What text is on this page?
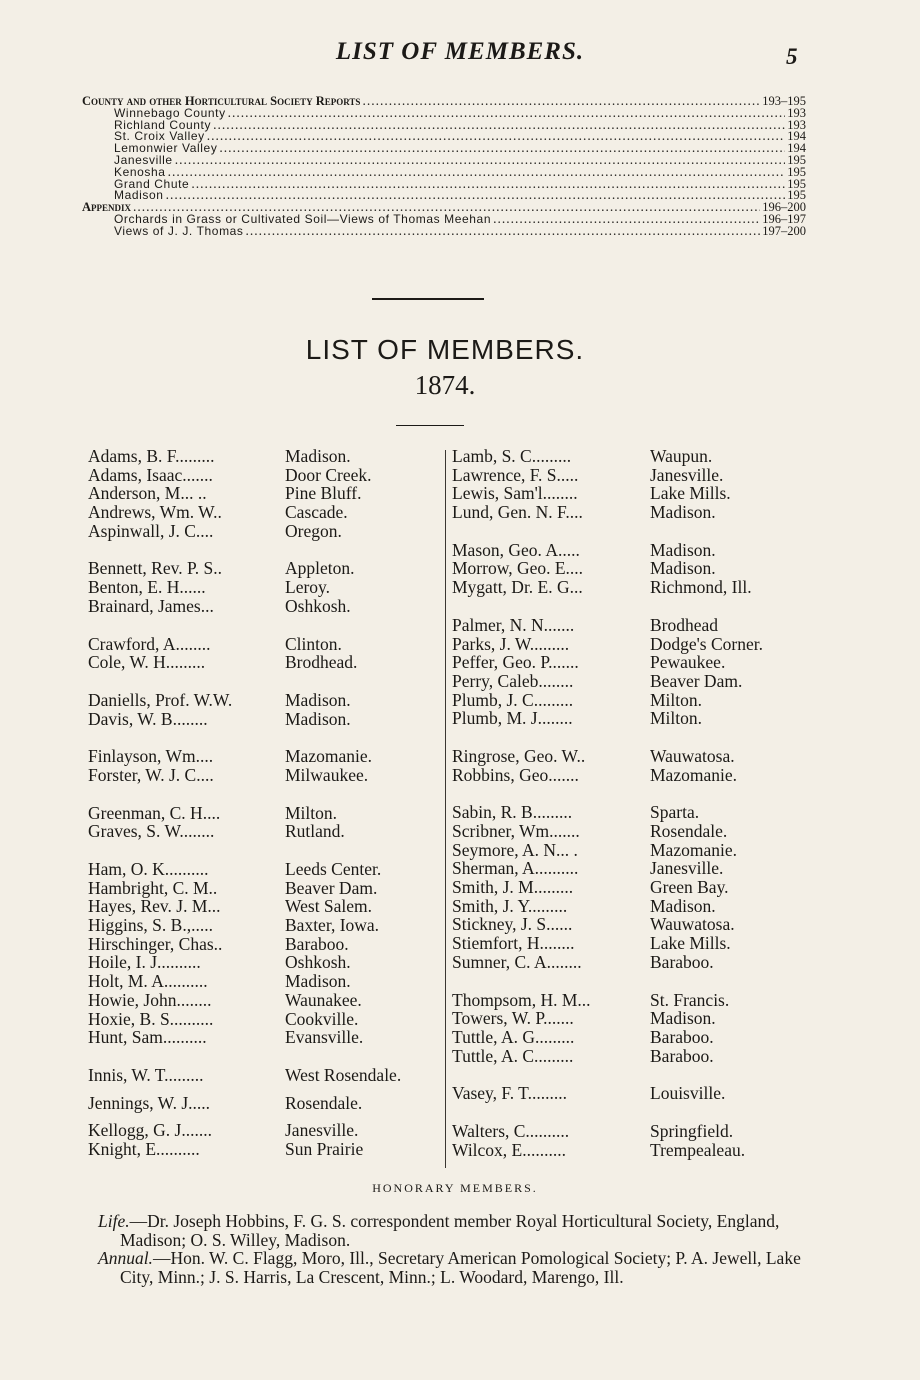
LIST OF MEMBERS.	5
County and other Horticultural Society Reports .....	193–195
Winnebago County .....	193
Richland County .....	193
St. Croix Valley .....	194
Lemonwier Valley .....	194
Janesville .....	195
Kenosha .....	195
Grand Chute .....	195
Madison .....	195
Appendix .....	196–200
Orchards in Grass or Cultivated Soil—Views of Thomas Meehan .....	196–197
Views of J. J. Thomas .....	197–200
LIST OF MEMBERS.
1874.
Adams, B. F.........	Madison.
Adams, Isaac.......	Door Creek.
Anderson, M... ..	Pine Bluff.
Andrews, Wm. W..	Cascade.
Aspinwall, J. C....	Oregon.
Bennett, Rev. P. S..	Appleton.
Benton, E. H......	Leroy.
Brainard, James...	Oshkosh.
Crawford, A........	Clinton.
Cole, W. H.........	Brodhead.
Daniells, Prof. W.W.	Madison.
Davis, W. B........	Madison.
Finlayson, Wm....	Mazomanie.
Forster, W. J. C....	Milwaukee.
Greenman, C. H....	Milton.
Graves, S. W........	Rutland.
Ham, O. K..........	Leeds Center.
Hambright, C. M..	Beaver Dam.
Hayes, Rev. J. M...	West Salem.
Higgins, S. B.,.....	Baxter, Iowa.
Hirschinger, Chas..	Baraboo.
Hoile, I. J..........	Oshkosh.
Holt, M. A..........	Madison.
Howie, John........	Waunakee.
Hoxie, B. S..........	Cookville.
Hunt, Sam..........	Evansville.
Innis, W. T.........	West Rosendale.
Jennings, W. J.....	Rosendale.
Kellogg, G. J.......	Janesville.
Knight, E..........	Sun Prairie
Lamb, S. C.........	Waupun.
Lawrence, F. S.....	Janesville.
Lewis, Sam'l........	Lake Mills.
Lund, Gen. N. F....	Madison.
Mason, Geo. A.....	Madison.
Morrow, Geo. E....	Madison.
Mygatt, Dr. E. G...	Richmond, Ill.
Palmer, N. N.......	Brodhead
Parks, J. W.........	Dodge's Corner.
Peffer, Geo. P.......	Pewaukee.
Perry, Caleb........	Beaver Dam.
Plumb, J. C.........	Milton.
Plumb, M. J........	Milton.
Ringrose, Geo. W..	Wauwatosa.
Robbins, Geo.......	Mazomanie.
Sabin, R. B.........	Sparta.
Scribner, Wm.......	Rosendale.
Seymore, A. N... .	Mazomanie.
Sherman, A..........	Janesville.
Smith, J. M.........	Green Bay.
Smith, J. Y.........	Madison.
Stickney, J. S......	Wauwatosa.
Stiemfort, H........	Lake Mills.
Sumner, C. A........	Baraboo.
Thompsom, H. M...	St. Francis.
Towers, W. P.......	Madison.
Tuttle, A. G.........	Baraboo.
Tuttle, A. C.........	Baraboo.
Vasey, F. T.........	Louisville.
Walters, C..........	Springfield.
Wilcox, E..........	Trempealeau.
HONORARY MEMBERS.

Life.—Dr. Joseph Hobbins, F. G. S. correspondent member Royal Horticultural Society, England, Madison; O. S. Willey, Madison.

Annual.—Hon. W. C. Flagg, Moro, Ill., Secretary American Pomological Society; P. A. Jewell, Lake City, Minn.; J. S. Harris, La Crescent, Minn.; L. Woodard, Marengo, Ill.
